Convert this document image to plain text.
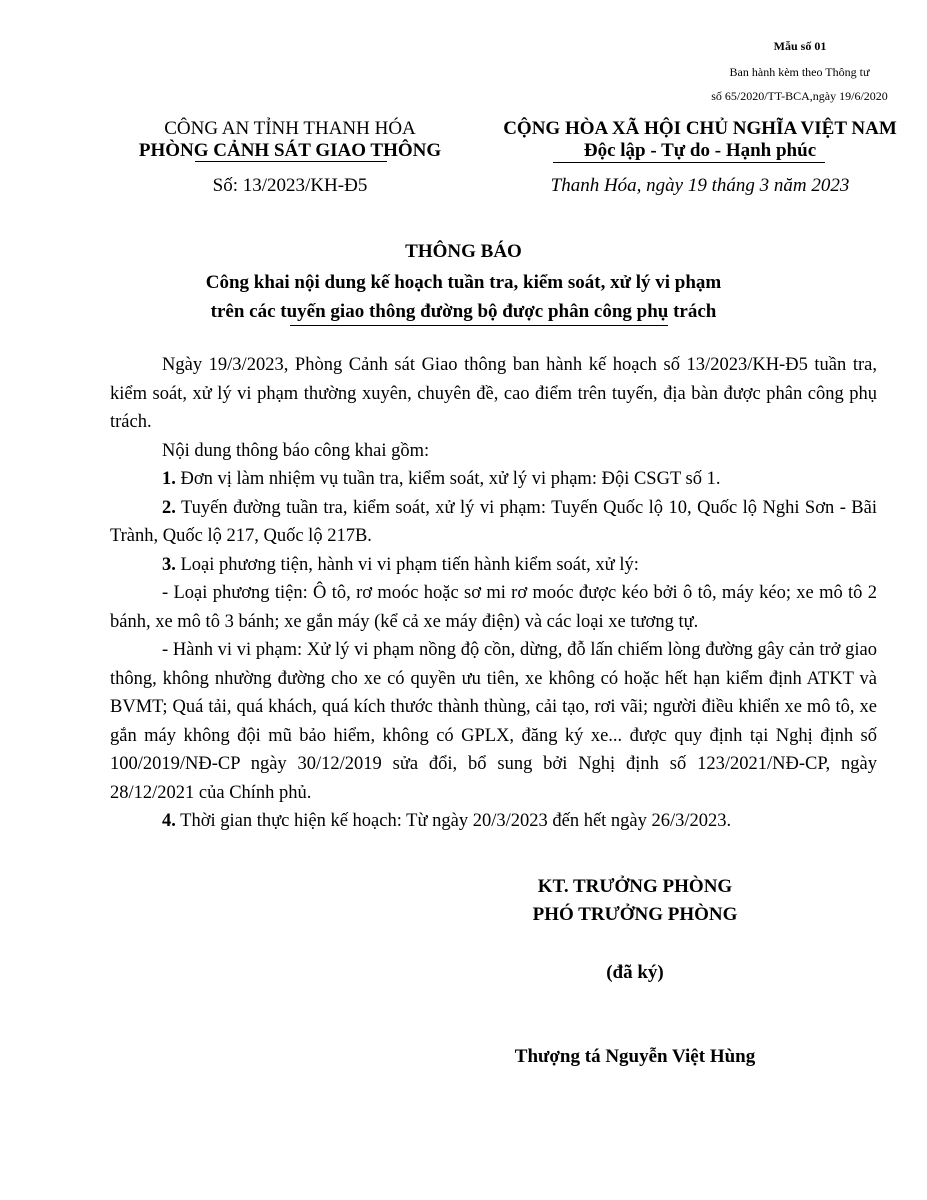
Mẫu số 01
Ban hành kèm theo Thông tư
số 65/2020/TT-BCA,ngày 19/6/2020
CÔNG AN TỈNH THANH HÓA
PHÒNG CẢNH SÁT GIAO THÔNG
Số: 13/2023/KH-Đ5
CỘNG HÒA XÃ HỘI CHỦ NGHĨA VIỆT NAM
Độc lập - Tự do - Hạnh phúc
Thanh Hóa, ngày 19 tháng 3 năm 2023
THÔNG BÁO
Công khai nội dung kế hoạch tuần tra, kiểm soát, xử lý vi phạm
trên các tuyến giao thông đường bộ được phân công phụ trách

Ngày 19/3/2023, Phòng Cảnh sát Giao thông ban hành kế hoạch số 13/2023/KH-Đ5 tuần tra, kiểm soát, xử lý vi phạm thường xuyên, chuyên đề, cao điểm trên tuyến, địa bàn được phân công phụ trách.

Nội dung thông báo công khai gồm:

1. Đơn vị làm nhiệm vụ tuần tra, kiểm soát, xử lý vi phạm: Đội CSGT số 1.

2. Tuyến đường tuần tra, kiểm soát, xử lý vi phạm: Tuyến Quốc lộ 10, Quốc lộ Nghi Sơn - Bãi Trành, Quốc lộ 217, Quốc lộ 217B.

3. Loại phương tiện, hành vi vi phạm tiến hành kiểm soát, xử lý:

- Loại phương tiện: Ô tô, rơ moóc hoặc sơ mi rơ moóc được kéo bởi ô tô, máy kéo; xe mô tô 2 bánh, xe mô tô 3 bánh; xe gắn máy (kể cả xe máy điện) và các loại xe tương tự.

- Hành vi vi phạm: Xử lý vi phạm nồng độ cồn, dừng, đỗ lấn chiếm lòng đường gây cản trở giao thông, không nhường đường cho xe có quyền ưu tiên, xe không có hoặc hết hạn kiểm định ATKT và BVMT; Quá tải, quá khách, quá kích thước thành thùng, cải tạo, rơi vãi; người điều khiển xe mô tô, xe gắn máy không đội mũ bảo hiểm, không có GPLX, đăng ký xe... được quy định tại Nghị định số 100/2019/NĐ-CP ngày 30/12/2019 sửa đổi, bổ sung bởi Nghị định số 123/2021/NĐ-CP, ngày 28/12/2021 của Chính phủ.

4. Thời gian thực hiện kế hoạch: Từ ngày 20/3/2023 đến hết ngày 26/3/2023.

KT. TRƯỞNG PHÒNG
PHÓ TRƯỞNG PHÒNG
(đã ký)
Thượng tá Nguyễn Việt Hùng
